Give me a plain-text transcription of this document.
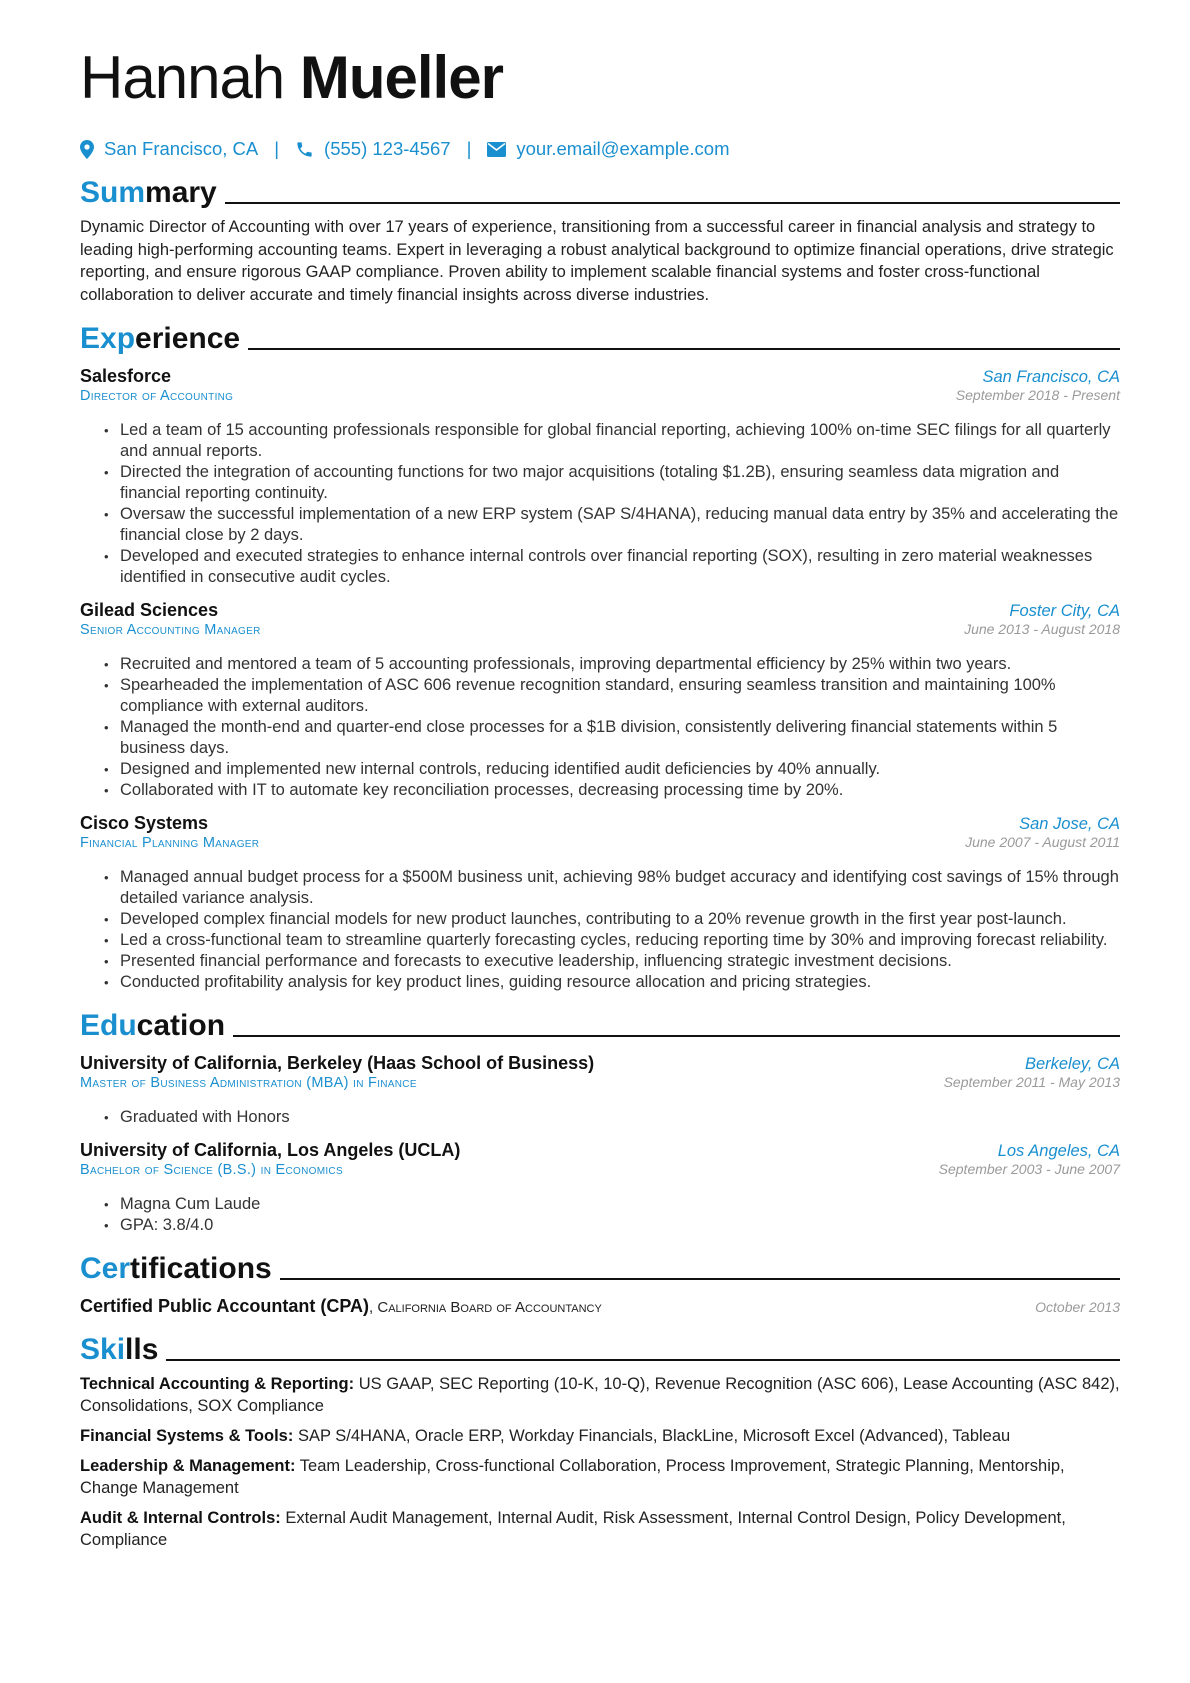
Hannah Mueller
San Francisco, CA | (555) 123-4567 | your.email@example.com
Summary
Dynamic Director of Accounting with over 17 years of experience, transitioning from a successful career in financial analysis and strategy to leading high-performing accounting teams. Expert in leveraging a robust analytical background to optimize financial operations, drive strategic reporting, and ensure rigorous GAAP compliance. Proven ability to implement scalable financial systems and foster cross-functional collaboration to deliver accurate and timely financial insights across diverse industries.
Experience
Salesforce	San Francisco, CA
Director of Accounting	September 2018 - Present
• Led a team of 15 accounting professionals responsible for global financial reporting, achieving 100% on-time SEC filings for all quarterly and annual reports.
• Directed the integration of accounting functions for two major acquisitions (totaling $1.2B), ensuring seamless data migration and financial reporting continuity.
• Oversaw the successful implementation of a new ERP system (SAP S/4HANA), reducing manual data entry by 35% and accelerating the financial close by 2 days.
• Developed and executed strategies to enhance internal controls over financial reporting (SOX), resulting in zero material weaknesses identified in consecutive audit cycles.
Gilead Sciences	Foster City, CA
Senior Accounting Manager	June 2013 - August 2018
• Recruited and mentored a team of 5 accounting professionals, improving departmental efficiency by 25% within two years.
• Spearheaded the implementation of ASC 606 revenue recognition standard, ensuring seamless transition and maintaining 100% compliance with external auditors.
• Managed the month-end and quarter-end close processes for a $1B division, consistently delivering financial statements within 5 business days.
• Designed and implemented new internal controls, reducing identified audit deficiencies by 40% annually.
• Collaborated with IT to automate key reconciliation processes, decreasing processing time by 20%.
Cisco Systems	San Jose, CA
Financial Planning Manager	June 2007 - August 2011
• Managed annual budget process for a $500M business unit, achieving 98% budget accuracy and identifying cost savings of 15% through detailed variance analysis.
• Developed complex financial models for new product launches, contributing to a 20% revenue growth in the first year post-launch.
• Led a cross-functional team to streamline quarterly forecasting cycles, reducing reporting time by 30% and improving forecast reliability.
• Presented financial performance and forecasts to executive leadership, influencing strategic investment decisions.
• Conducted profitability analysis for key product lines, guiding resource allocation and pricing strategies.
Education
University of California, Berkeley (Haas School of Business)	Berkeley, CA
Master of Business Administration (MBA) in Finance	September 2011 - May 2013
• Graduated with Honors
University of California, Los Angeles (UCLA)	Los Angeles, CA
Bachelor of Science (B.S.) in Economics	September 2003 - June 2007
• Magna Cum Laude
• GPA: 3.8/4.0
Certifications
Certified Public Accountant (CPA), California Board of Accountancy	October 2013
Skills
Technical Accounting & Reporting: US GAAP, SEC Reporting (10-K, 10-Q), Revenue Recognition (ASC 606), Lease Accounting (ASC 842), Consolidations, SOX Compliance
Financial Systems & Tools: SAP S/4HANA, Oracle ERP, Workday Financials, BlackLine, Microsoft Excel (Advanced), Tableau
Leadership & Management: Team Leadership, Cross-functional Collaboration, Process Improvement, Strategic Planning, Mentorship, Change Management
Audit & Internal Controls: External Audit Management, Internal Audit, Risk Assessment, Internal Control Design, Policy Development, Compliance
